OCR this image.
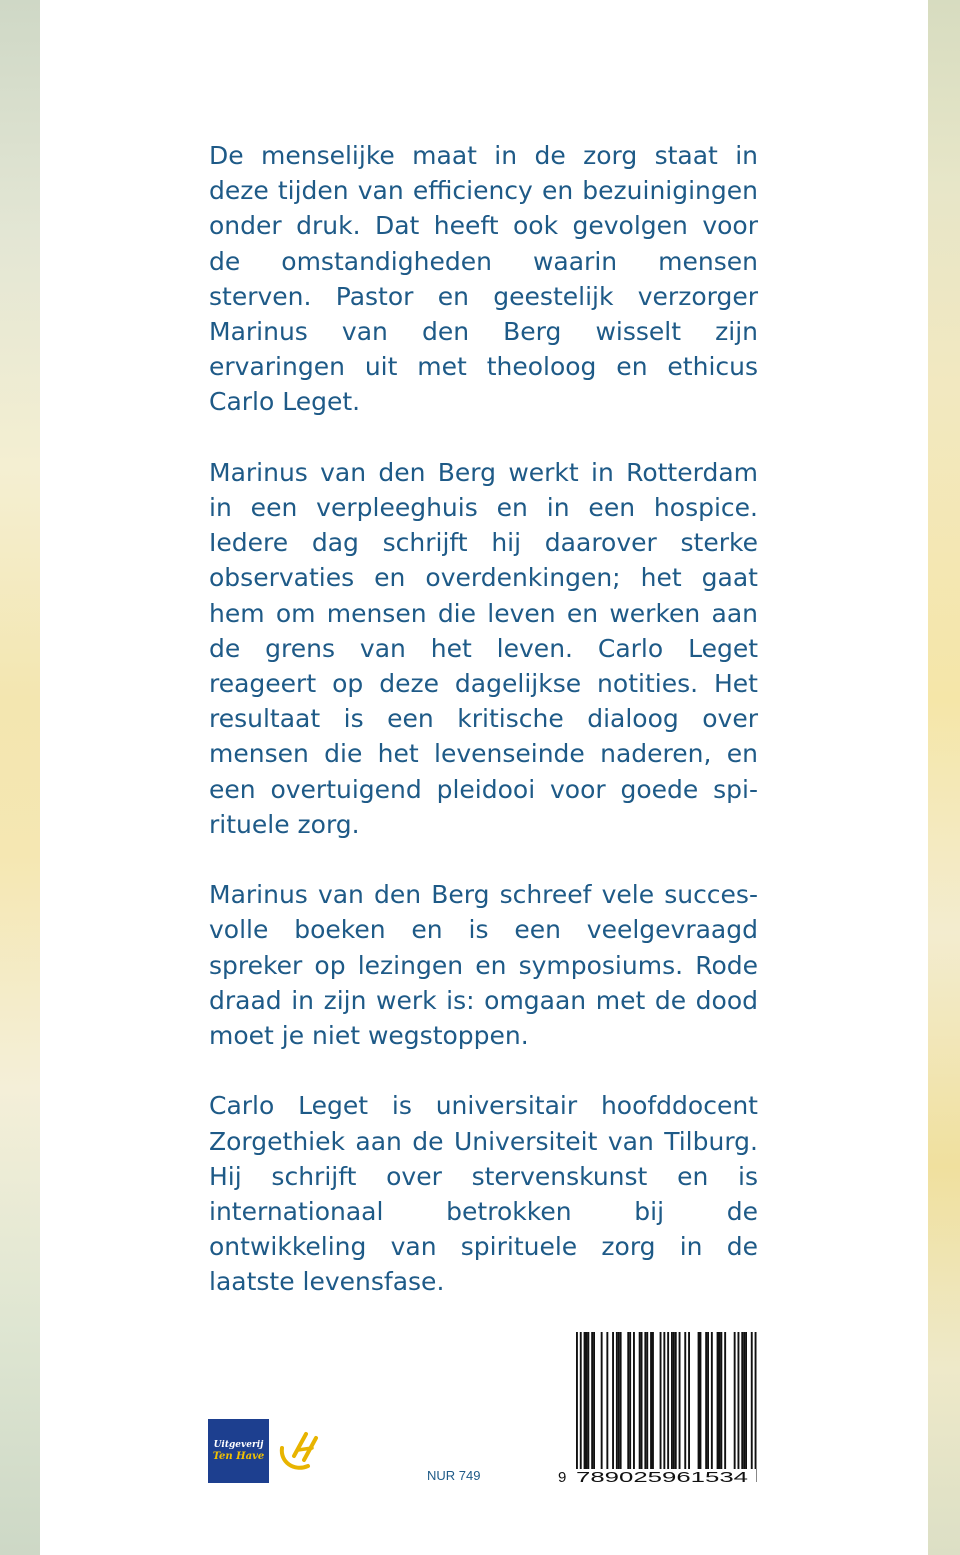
De menselijke maat in de zorg staat in deze tijden van efficiency en bezuinigingen onder druk. Dat heeft ook gevolgen voor de omstandigheden waarin mensen sterven. Pastor en geestelijk verzorger Marinus van den Berg wisselt zijn ervaringen uit met theoloog en ethicus Carlo Leget.

Marinus van den Berg werkt in Rotterdam in een verpleeghuis en in een hospice. Iedere dag schrijft hij daarover sterke observaties en overdenkingen; het gaat hem om mensen die leven en werken aan de grens van het leven. Carlo Leget reageert op deze dagelijkse notities. Het resultaat is een kritische dialoog over mensen die het levenseinde naderen, en een overtuigend pleidooi voor goede spirituele zorg.

Marinus van den Berg schreef vele succesvolle boeken en is een veelgevraagd spreker op lezingen en symposiums. Rode draad in zijn werk is: omgaan met de dood moet je niet wegstoppen.

Carlo Leget is universitair hoofddocent Zorgethiek aan de Universiteit van Tilburg. Hij schrijft over stervenskunst en is internationaal betrokken bij de ontwikkeling van spirituele zorg in de laatste levensfase.

Uitgeverij
Ten Have
NUR 749	9 789025961534
